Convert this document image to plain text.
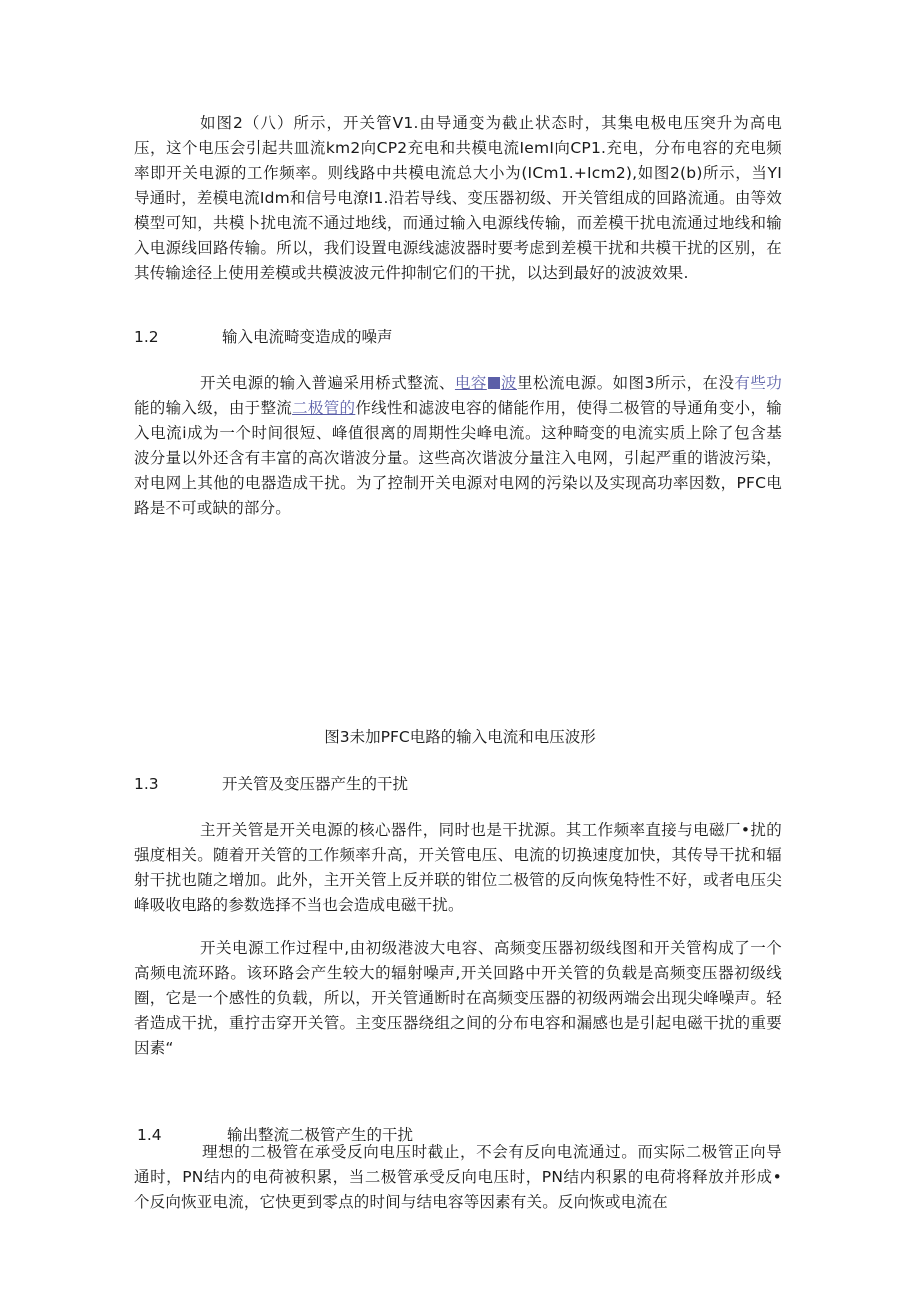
如图2（八）所示，开关管V1.由导通变为截止状态时，其集电极电压突升为高电压，这个电压会引起共皿流km2向CP2充电和共模电流IemI向CP1.充电，分布电容的充电频率即开关电源的工作频率。则线路中共模电流总大小为(ICm1.+Icm2),如图2(b)所示，当YI导通时，差模电流Idm和信号电潦I1.沿若导线、变压器初级、开关管组成的回路流通。由等效模型可知，共模卜扰电流不通过地线，而通过输入电源线传输，而差模干扰电流通过地线和输入电源线回路传输。所以，我们设置电源线滤波器时要考虑到差模干扰和共模干扰的区别，在其传输途径上使用差模或共模波波元件抑制它们的干扰，以达到最好的波波效果.
1.2	输入电流畸变造成的噪声
开关电源的输入普遍采用桥式整流、电容 波里松流电源。如图3所示，在没有些功能的输入级，由于整流二极管的作线性和滤波电容的储能作用，使得二极管的导通角变小，输入电流i成为一个时间很短、峰值很离的周期性尖峰电流。这种畸变的电流实质上除了包含基波分量以外还含有丰富的高次谐波分量。这些高次谐波分量注入电网，引起严重的谐波污染，对电网上其他的电器造成干扰。为了控制开关电源对电网的污染以及实现高功率因数，PFC电路是不可或缺的部分。
图3未加PFC电路的输入电流和电压波形
1.3	开关管及变压器产生的干扰
主开关管是开关电源的核心器件，同时也是干扰源。其工作频率直接与电磁厂•扰的强度相关。随着开关管的工作频率升高，开关管电压、电流的切换速度加快，其传导干扰和辐射干扰也随之增加。此外，主开关管上反并联的钳位二极管的反向恢兔特性不好，或者电压尖峰吸收电路的参数选择不当也会造成电磁干扰。
开关电源工作过程中,由初级港波大电容、高频变压器初级线图和开关管构成了一个高频电流环路。该环路会产生较大的辐射噪声,开关回路中开关管的负载是高频变压器初级线圈，它是一个感性的负载，所以，开关管通断时在高频变压器的初级两端会出现尖峰噪声。轻者造成干扰，重拧击穿开关管。主变压器绕组之间的分布电容和漏感也是引起电磁干扰的重要因素“
1.4	输出整流二极管产生的干扰
理想的二极管在承受反向电压时截止，不会有反向电流通过。而实际二极管正向导通时，PN结内的电荷被积累，当二极管承受反向电压时，PN结内积累的电荷将释放并形成•个反向恢亚电流，它快更到零点的时间与结电容等因素有关。反向恢或电流在
